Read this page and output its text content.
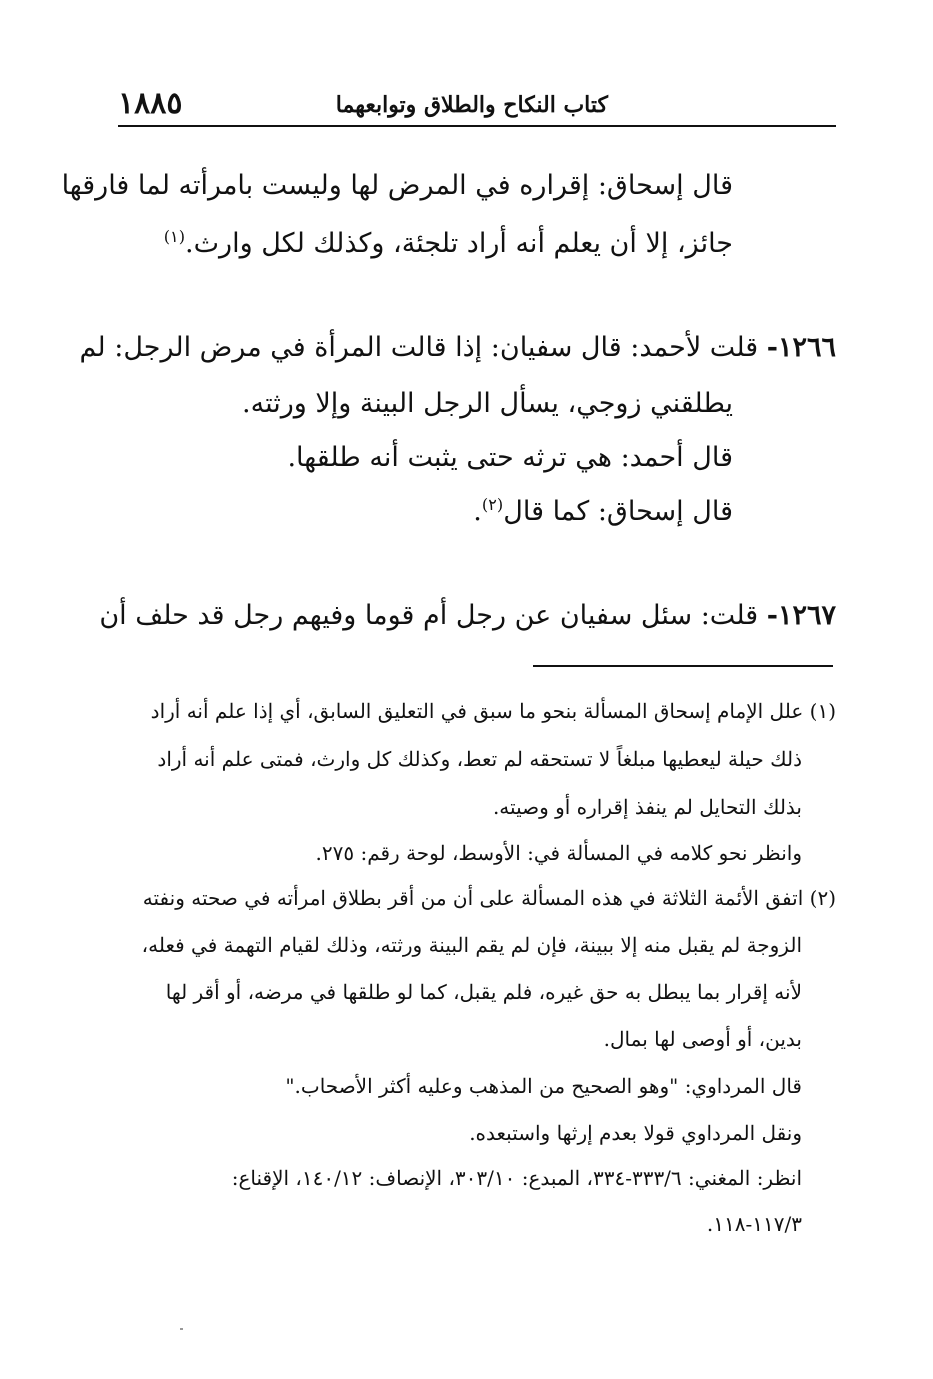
١٨٨٥	كتاب النكاح والطلاق وتوابعهما
قال إسحاق: إقراره في المرض لها وليست بامرأته لما فارقها
جائز، إلا أن يعلم أنه أراد تلجئة، وكذلك لكل وارث.$^{(١)}$
١٢٦٦- قلت لأحمد: قال سفيان: إذا قالت المرأة في مرض الرجل: لم
يطلقني زوجي، يسأل الرجل البينة وإلا ورثته.
قال أحمد: هي ترثه حتى يثبت أنه طلقها.
قال إسحاق: كما قال$^{(٢)}$.
١٢٦٧- قلت: سئل سفيان عن رجل أم قوما وفيهم رجل قد حلف أن
(١) علل الإمام إسحاق المسألة بنحو ما سبق في التعليق السابق، أي إذا علم أنه أراد
ذلك حيلة ليعطيها مبلغاً لا تستحقه لم تعط، وكذلك كل وارث، فمتى علم أنه أراد
بذلك التحايل لم ينفذ إقراره أو وصيته.
وانظر نحو كلامه في المسألة في: الأوسط، لوحة رقم: ٢٧٥.
(٢) اتفق الأئمة الثلاثة في هذه المسألة على أن من أقر بطلاق امرأته في صحته ونفته
الزوجة لم يقبل منه إلا ببينة، فإن لم يقم البينة ورثته، وذلك لقيام التهمة في فعله،
لأنه إقرار بما يبطل به حق غيره، فلم يقبل، كما لو طلقها في مرضه، أو أقر لها
بدين، أو أوصى لها بمال.
قال المرداوي: "وهو الصحيح من المذهب وعليه أكثر الأصحاب."
ونقل المرداوي قولا بعدم إرثها واستبعده.
انظر: المغني: ٣٣٣/٦-٣٣٤، المبدع: ٣٠٣/١٠، الإنصاف: ١٤٠/١٢، الإقناع:
١١٧/٣-١١٨.
